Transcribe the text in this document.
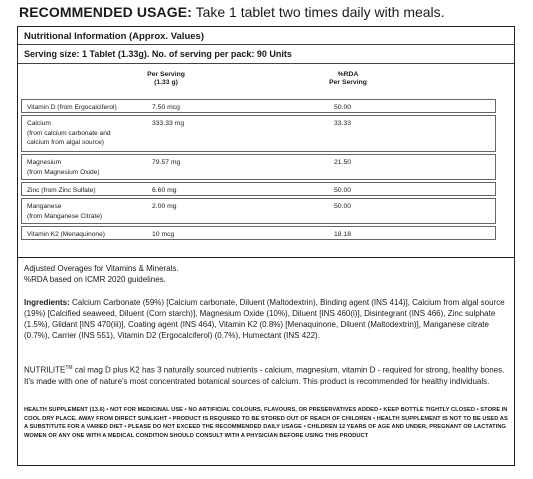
RECOMMENDED USAGE: Take 1 tablet two times daily with meals.
Nutritional Information (Approx. Values)
Serving size: 1 Tablet (1.33g). No. of serving per pack: 90 Units
Per Serving
(1.33 g)
%RDA
Per Serving
Vitamin D (from Ergocalciferol)	7.50 mcg	50.00
Calcium
(from calcium carbonate and
calcium from algal source)
333.33 mg	33.33
Magnesium
(from Magnesium Oxide)
79.57 mg	21.50
Zinc (from Zinc Sulfate)	6.60 mg	50.00
Manganese
(from Manganese Citrate)
2.00 mg	50.00
Vitamin K2 (Menaquinone)	10 mcg	18.18
Adjusted Overages for Vitamins & Minerals.
%RDA based on ICMR 2020 guidelines.
Ingredients: Calcium Carbonate (59%) [Calcium carbonate, Diluent (Maltodextrin), Binding agent (INS 414)], Calcium from algal source (19%) [Calcified seaweed, Diluent (Corn starch)], Magnesium Oxide (10%), Diluent [INS 460(i)], Disintegrant (INS 466), Zinc sulphate (1.5%), Glidant [INS 470(iii)], Coating agent (INS 464), Vitamin K2 (0.8%) [Menaquinone, Diluent (Maltodextrin)], Manganese citrate (0.7%), Carrier (INS 551), Vitamin D2 (Ergocalciferol) (0.7%), Humectant (INS 422).
NUTRILITE™ cal mag D plus K2 has 3 naturally sourced nutrients - calcium, magnesium, vitamin D - required for strong, healthy bones. It's made with one of nature's most concentrated botanical sources of calcium. This product is recommended for healthy individuals.
HEALTH SUPPLEMENT (13.6) • NOT FOR MEDICINAL USE • NO ARTIFICIAL COLOURS, FLAVOURS, OR PRESERVATIVES ADDED • KEEP BOTTLE TIGHTLY CLOSED • STORE IN COOL DRY PLACE, AWAY FROM DIRECT SUNLIGHT • PRODUCT IS REQUIRED TO BE STORED OUT OF REACH OF CHILDREN • HEALTH SUPPLEMENT IS NOT TO BE USED AS A SUBSTITUTE FOR A VARIED DIET • PLEASE DO NOT EXCEED THE RECOMMENDED DAILY USAGE • CHILDREN 12 YEARS OF AGE AND UNDER, PREGNANT OR LACTATING WOMEN OR ANY ONE WITH A MEDICAL CONDITION SHOULD CONSULT WITH A PHYSICIAN BEFORE USING THIS PRODUCT
